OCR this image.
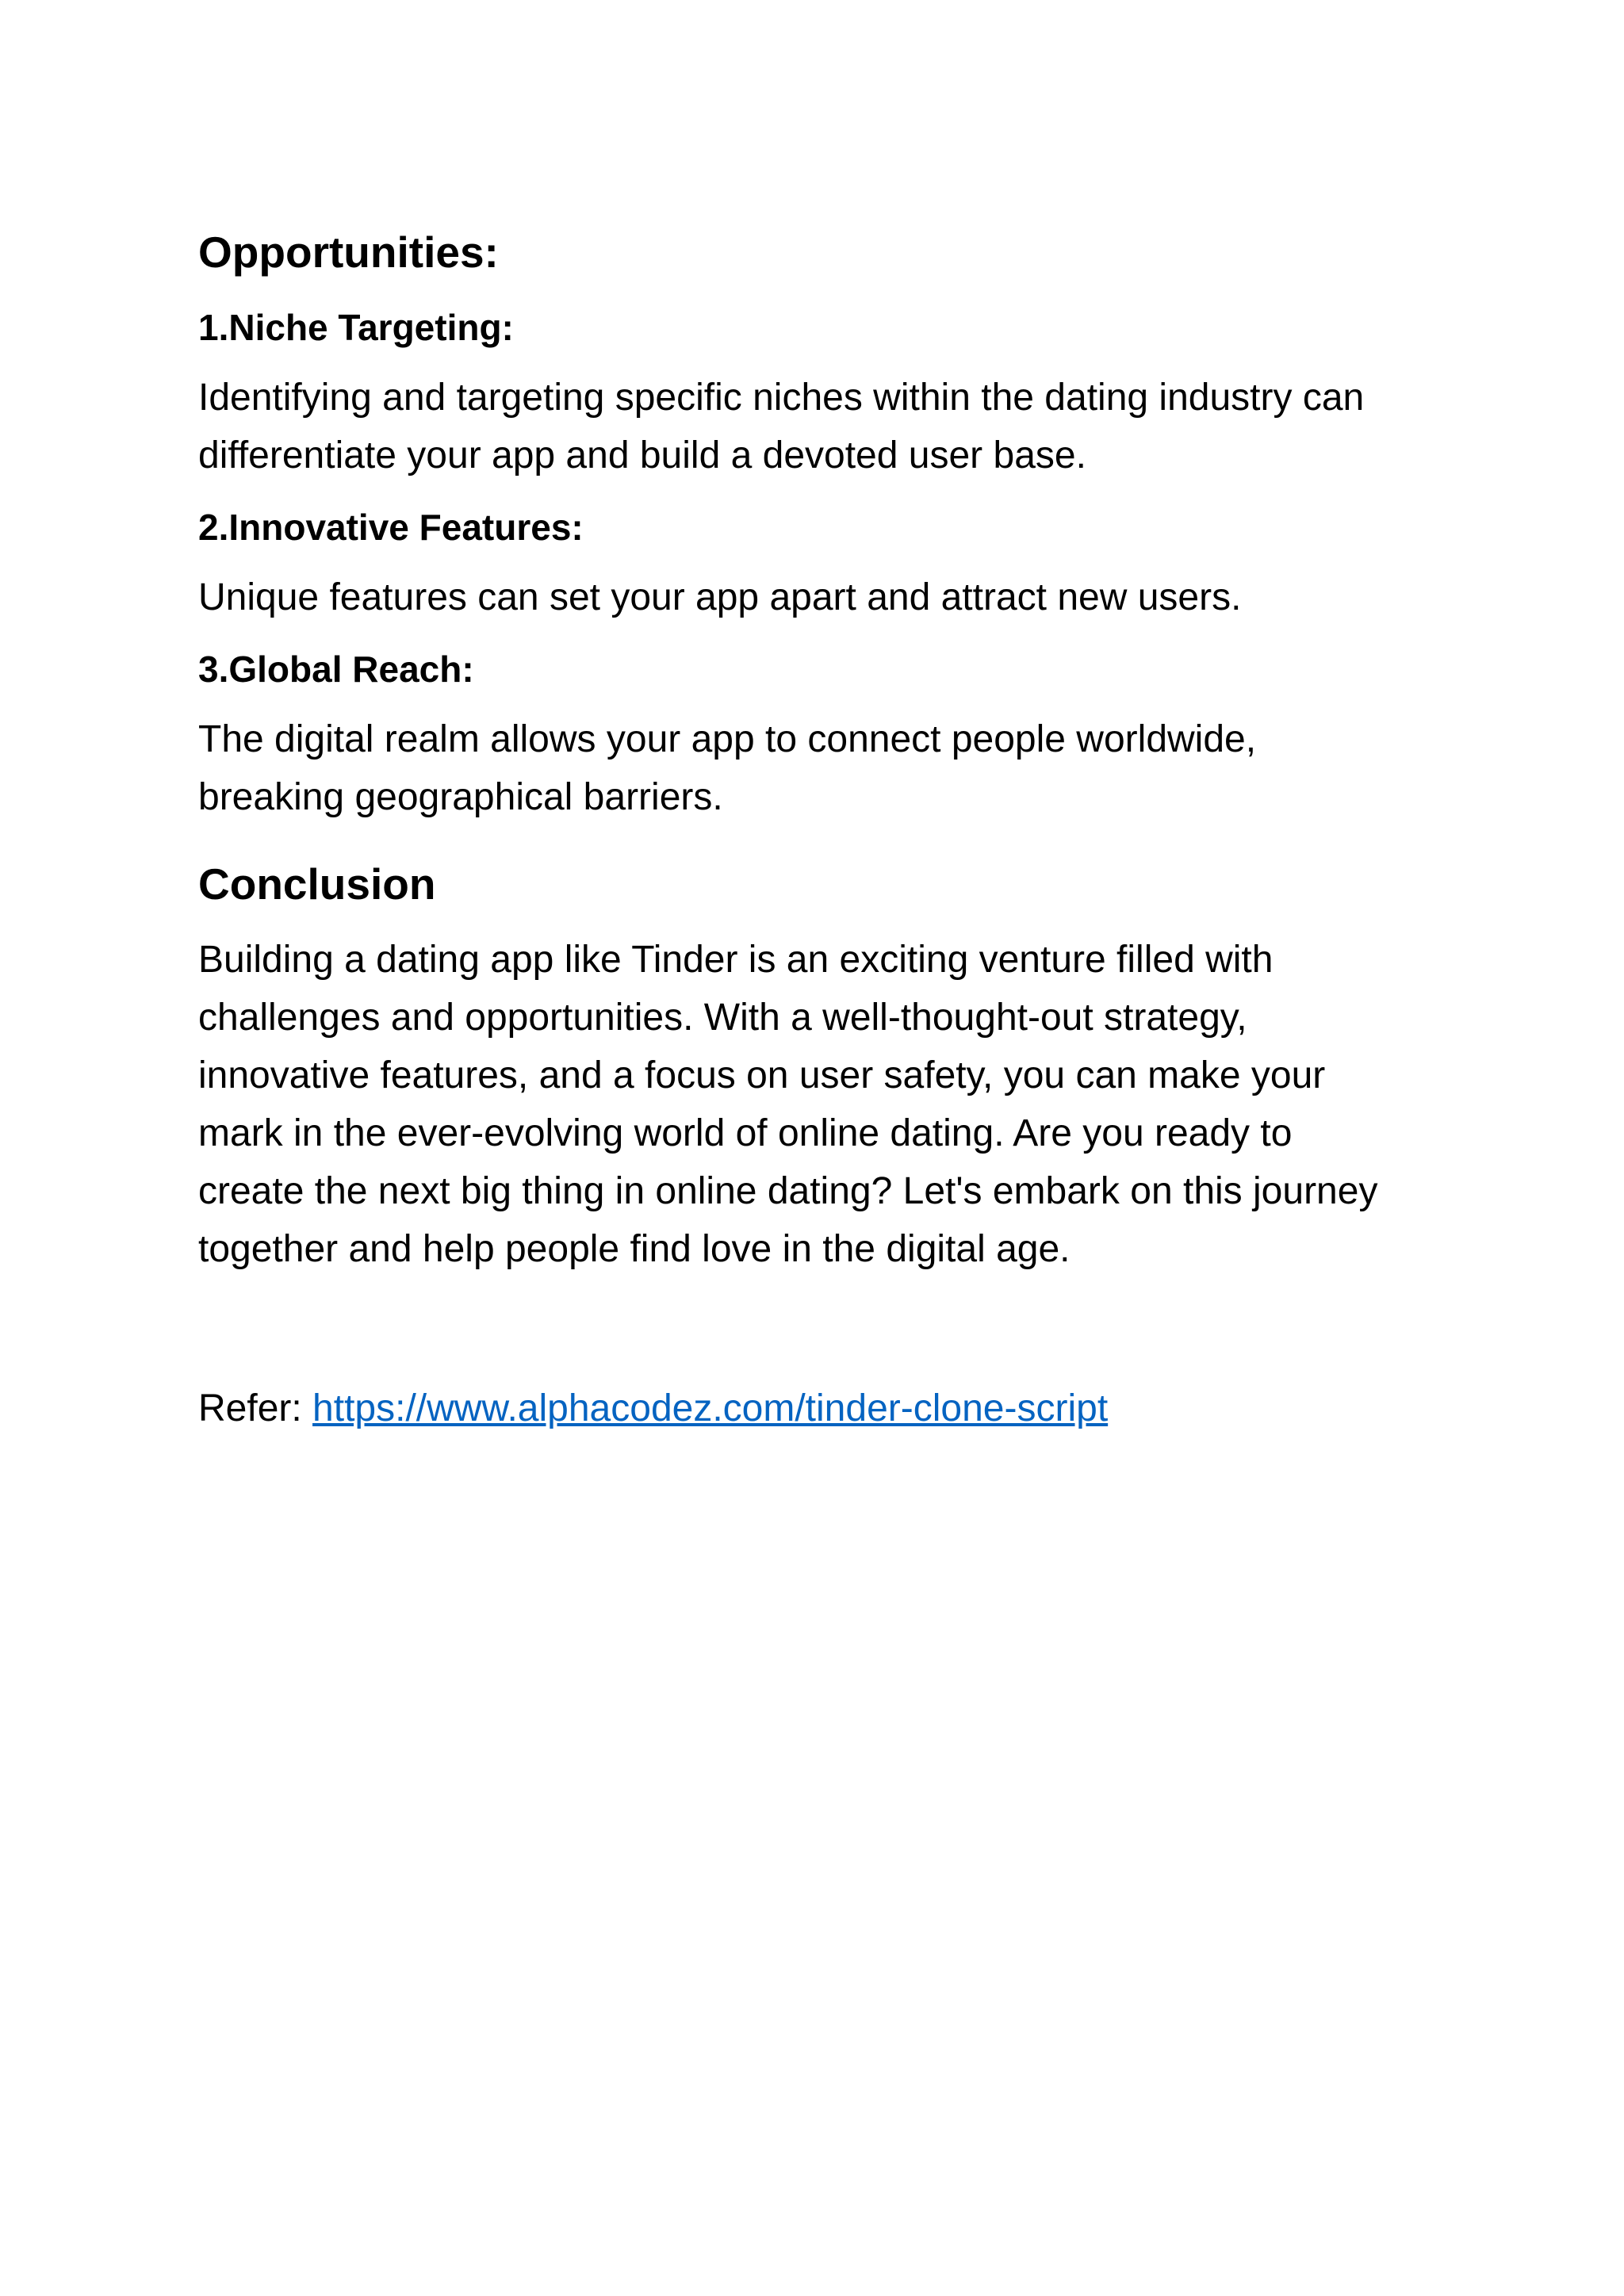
Opportunities:
1.Niche Targeting:
Identifying and targeting specific niches within the dating industry can differentiate your app and build a devoted user base.
2.Innovative Features:
Unique features can set your app apart and attract new users.
3.Global Reach:
The digital realm allows your app to connect people worldwide, breaking geographical barriers.
Conclusion
Building a dating app like Tinder is an exciting venture filled with challenges and opportunities. With a well-thought-out strategy, innovative features, and a focus on user safety, you can make your mark in the ever-evolving world of online dating. Are you ready to create the next big thing in online dating? Let's embark on this journey together and help people find love in the digital age.
Refer: https://www.alphacodez.com/tinder-clone-script
